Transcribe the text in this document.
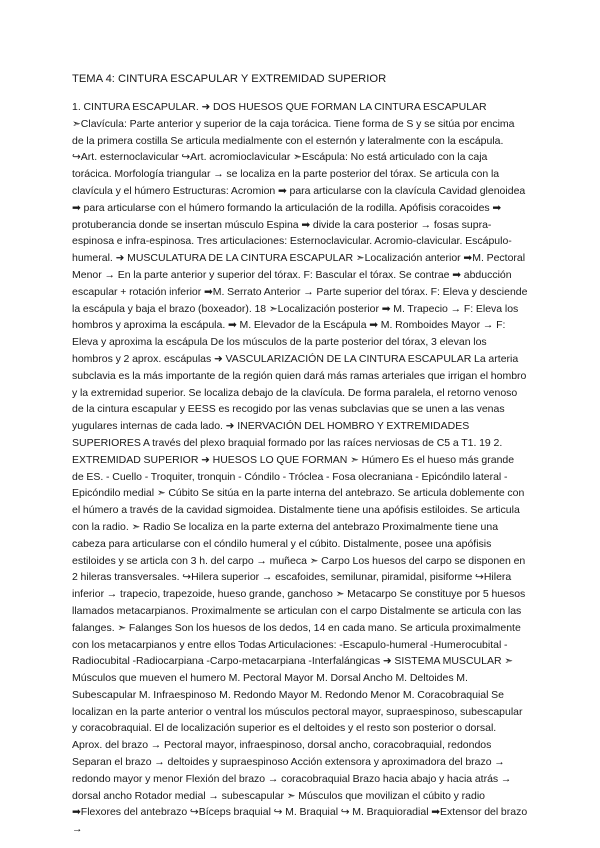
TEMA 4: CINTURA ESCAPULAR Y EXTREMIDAD SUPERIOR

1. CINTURA ESCAPULAR. ➜ DOS HUESOS QUE FORMAN LA CINTURA ESCAPULAR ➣Clavícula: Parte anterior y superior de la caja torácica. Tiene forma de S y se sitúa por encima de la primera costilla Se articula medialmente con el esternón y lateralmente con la escápula. ↪Art. esternoclavicular ↪Art. acromioclavicular ➣Escápula: No está articulado con la caja torácica. Morfología triangular → se localiza en la parte posterior del tórax. Se articula con la clavícula y el húmero Estructuras: Acromion ➡ para articularse con la clavícula Cavidad glenoidea ➡ para articularse con el húmero formando la articulación de la rodilla. Apófisis coracoides ➡ protuberancia donde se insertan músculo Espina ➡ divide la cara posterior → fosas supra-espinosa e infra-espinosa. Tres articulaciones: Esternoclavicular. Acromio-clavicular. Escápulo-humeral. ➜ MUSCULATURA DE LA CINTURA ESCAPULAR ➣Localización anterior ➡M. Pectoral Menor → En la parte anterior y superior del tórax. F: Bascular el tórax. Se contrae ➡ abducción escapular + rotación inferior ➡M. Serrato Anterior → Parte superior del tórax. F: Eleva y desciende la escápula y baja el brazo (boxeador). 18 ➣Localización posterior ➡ M. Trapecio → F: Eleva los hombros y aproxima la escápula. ➡ M. Elevador de la Escápula ➡ M. Romboides Mayor → F: Eleva y aproxima la escápula De los músculos de la parte posterior del tórax, 3 elevan los hombros y 2 aprox. escápulas ➜ VASCULARIZACIÓN DE LA CINTURA ESCAPULAR La arteria subclavia es la más importante de la región quien dará más ramas arteriales que irrigan el hombro y la extremidad superior. Se localiza debajo de la clavícula. De forma paralela, el retorno venoso de la cintura escapular y EESS es recogido por las venas subclavias que se unen a las venas yugulares internas de cada lado. ➜ INERVACIÓN DEL HOMBRO Y EXTREMIDADES SUPERIORES A través del plexo braquial formado por las raíces nerviosas de C5 a T1. 19 2. EXTREMIDAD SUPERIOR ➜ HUESOS LO QUE FORMAN ➣ Húmero Es el hueso más grande de ES. - Cuello - Troquiter, tronquin - Cóndilo - Tróclea - Fosa olecraniana - Epicóndilo lateral - Epicóndilo medial ➣ Cúbito Se sitúa en la parte interna del antebrazo. Se articula doblemente con el húmero a través de la cavidad sigmoidea. Distalmente tiene una apófisis estiloides. Se articula con la radio. ➣ Radio Se localiza en la parte externa del antebrazo Proximalmente tiene una cabeza para articularse con el cóndilo humeral y el cúbito. Distalmente, posee una apófisis estiloides y se articla con 3 h. del carpo → muñeca ➣ Carpo Los huesos del carpo se disponen en 2 hileras transversales. ↪Hilera superior → escafoides, semilunar, piramidal, pisiforme ↪Hilera inferior → trapecio, trapezoide, hueso grande, ganchoso ➣ Metacarpo Se constituye por 5 huesos llamados metacarpianos. Proximalmente se articulan con el carpo Distalmente se articula con las falanges. ➣ Falanges Son los huesos de los dedos, 14 en cada mano. Se articula proximalmente con los metacarpianos y entre ellos Todas Articulaciones: -Escapulo-humeral -Humerocubital -Radiocubital -Radiocarpiana -Carpo-metacarpiana -Interfalángicas ➜ SISTEMA MUSCULAR ➣ Músculos que mueven el humero M. Pectoral Mayor M. Dorsal Ancho M. Deltoides M. Subescapular M. Infraespinoso M. Redondo Mayor M. Redondo Menor M. Coracobraquial Se localizan en la parte anterior o ventral los músculos pectoral mayor, supraespinoso, subescapular y coracobraquial. El de localización superior es el deltoides y el resto son posterior o dorsal. Aprox. del brazo → Pectoral mayor, infraespinoso, dorsal ancho, coracobraquial, redondos Separan el brazo → deltoides y supraespinoso Acción extensora y aproximadora del brazo → redondo mayor y menor Flexión del brazo → coracobraquial Brazo hacia abajo y hacia atrás → dorsal ancho Rotador medial → subescapular ➣ Músculos que movilizan el cúbito y radio ➡Flexores del antebrazo ↪Bíceps braquial ↪ M. Braquial ↪ M. Braquioradial ➡Extensor del brazo →
